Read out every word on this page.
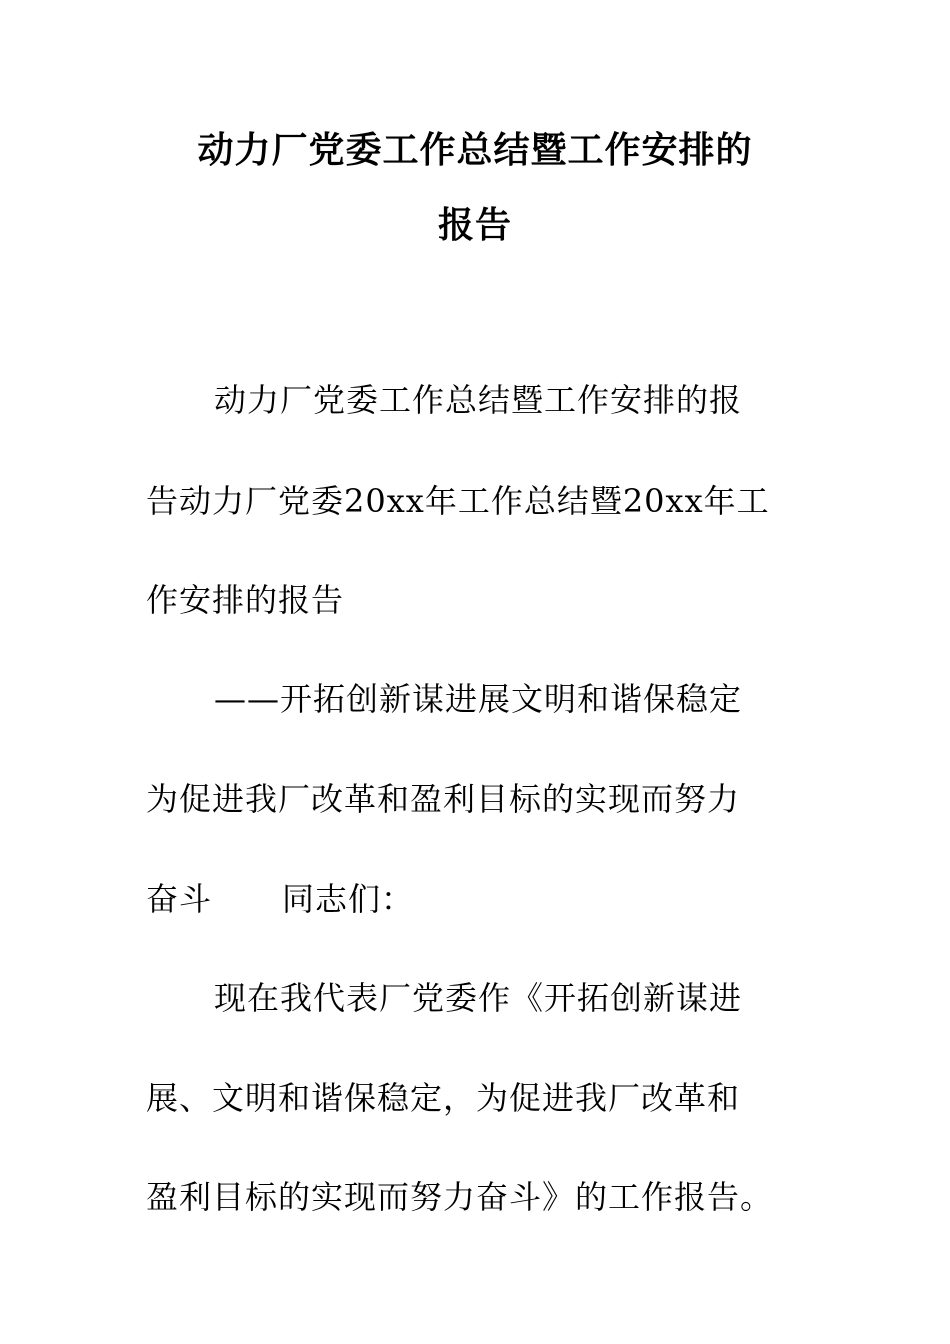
动力厂党委工作总结暨工作安排的
报告
动力厂党委工作总结暨工作安排的报
告动力厂党委20xx年工作总结暨20xx年工
作安排的报告
——开拓创新谋进展文明和谐保稳定
为促进我厂改革和盈利目标的实现而努力
奋斗 同志们：
现在我代表厂党委作《开拓创新谋进
展、文明和谐保稳定，为促进我厂改革和
盈利目标的实现而努力奋斗》的工作报告。
